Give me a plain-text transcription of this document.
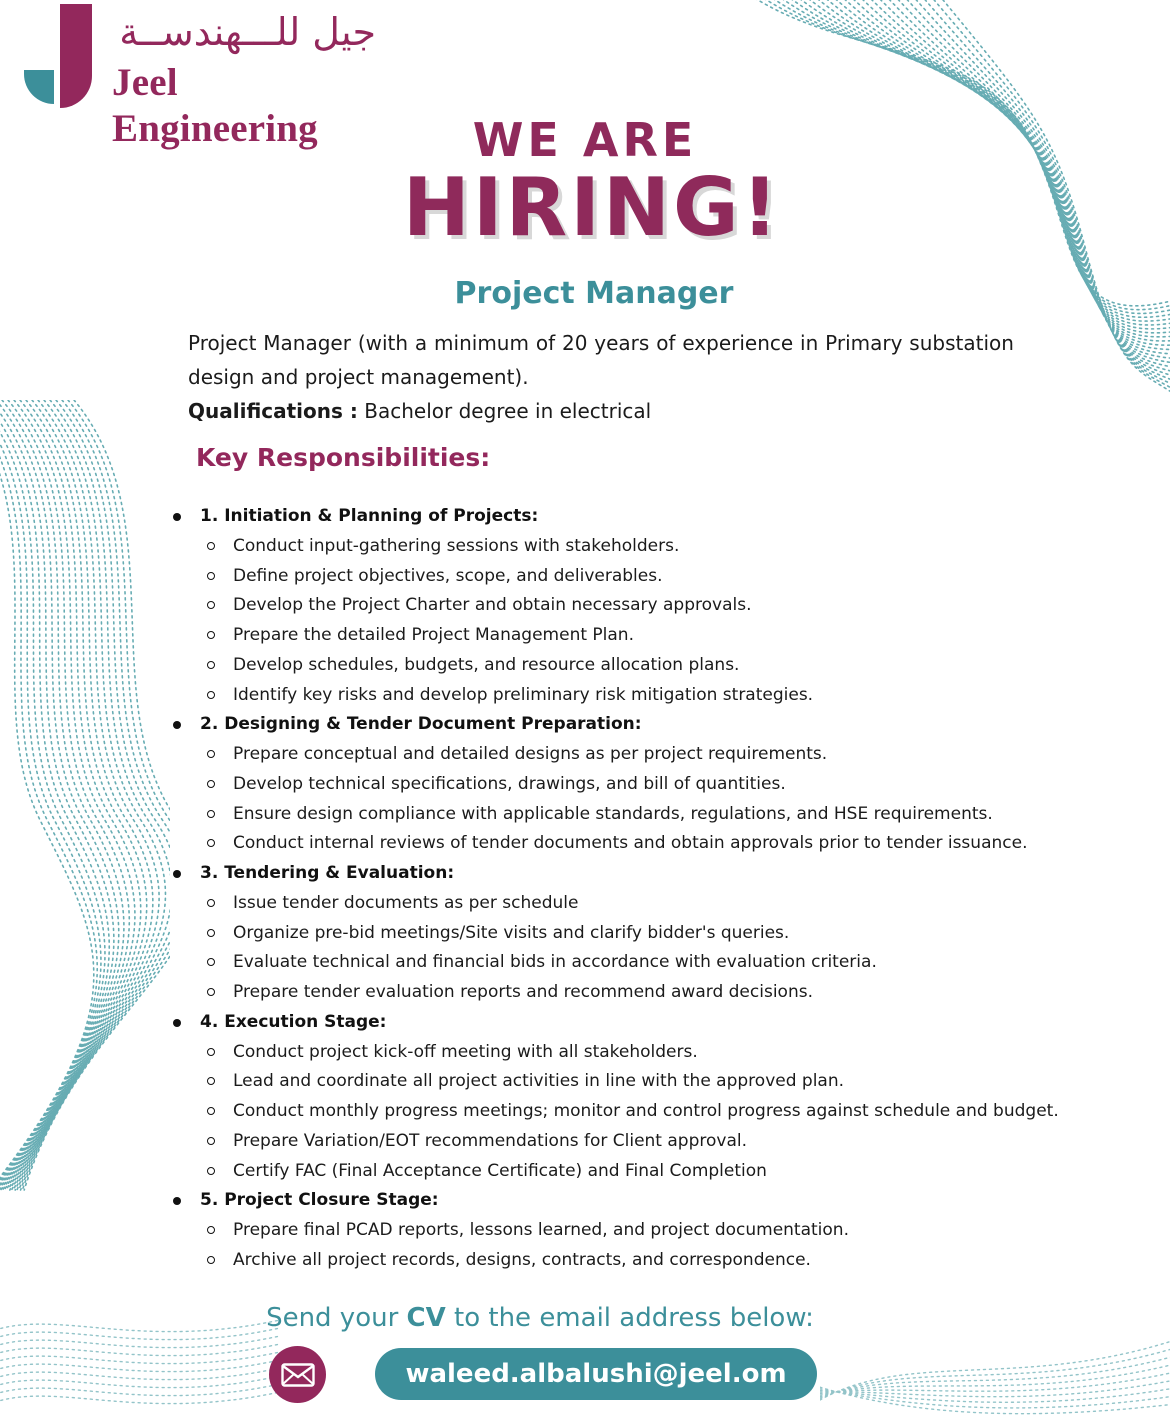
جيل للـــهندســة
Jeel Engineering	WE ARE
HIRING!
Project Manager
Project Manager (with a minimum of 20 years of experience in Primary substation
design and project management).
Qualifications : Bachelor degree in electrical
Key Responsibilities:
1. Initiation & Planning of Projects:
Conduct input-gathering sessions with stakeholders.
Define project objectives, scope, and deliverables.
Develop the Project Charter and obtain necessary approvals.
Prepare the detailed Project Management Plan.
Develop schedules, budgets, and resource allocation plans.
Identify key risks and develop preliminary risk mitigation strategies.
2. Designing & Tender Document Preparation:
Prepare conceptual and detailed designs as per project requirements.
Develop technical specifications, drawings, and bill of quantities.
Ensure design compliance with applicable standards, regulations, and HSE requirements.
Conduct internal reviews of tender documents and obtain approvals prior to tender issuance.
3. Tendering & Evaluation:
Issue tender documents as per schedule
Organize pre-bid meetings/Site visits and clarify bidder's queries.
Evaluate technical and financial bids in accordance with evaluation criteria.
Prepare tender evaluation reports and recommend award decisions.
4. Execution Stage:
Conduct project kick-off meeting with all stakeholders.
Lead and coordinate all project activities in line with the approved plan.
Conduct monthly progress meetings; monitor and control progress against schedule and budget.
Prepare Variation/EOT recommendations for Client approval.
Certify FAC (Final Acceptance Certificate) and Final Completion
5. Project Closure Stage:
Prepare final PCAD reports, lessons learned, and project documentation.
Archive all project records, designs, contracts, and correspondence.
Send your CV to the email address below:
waleed.albalushi@jeel.om
